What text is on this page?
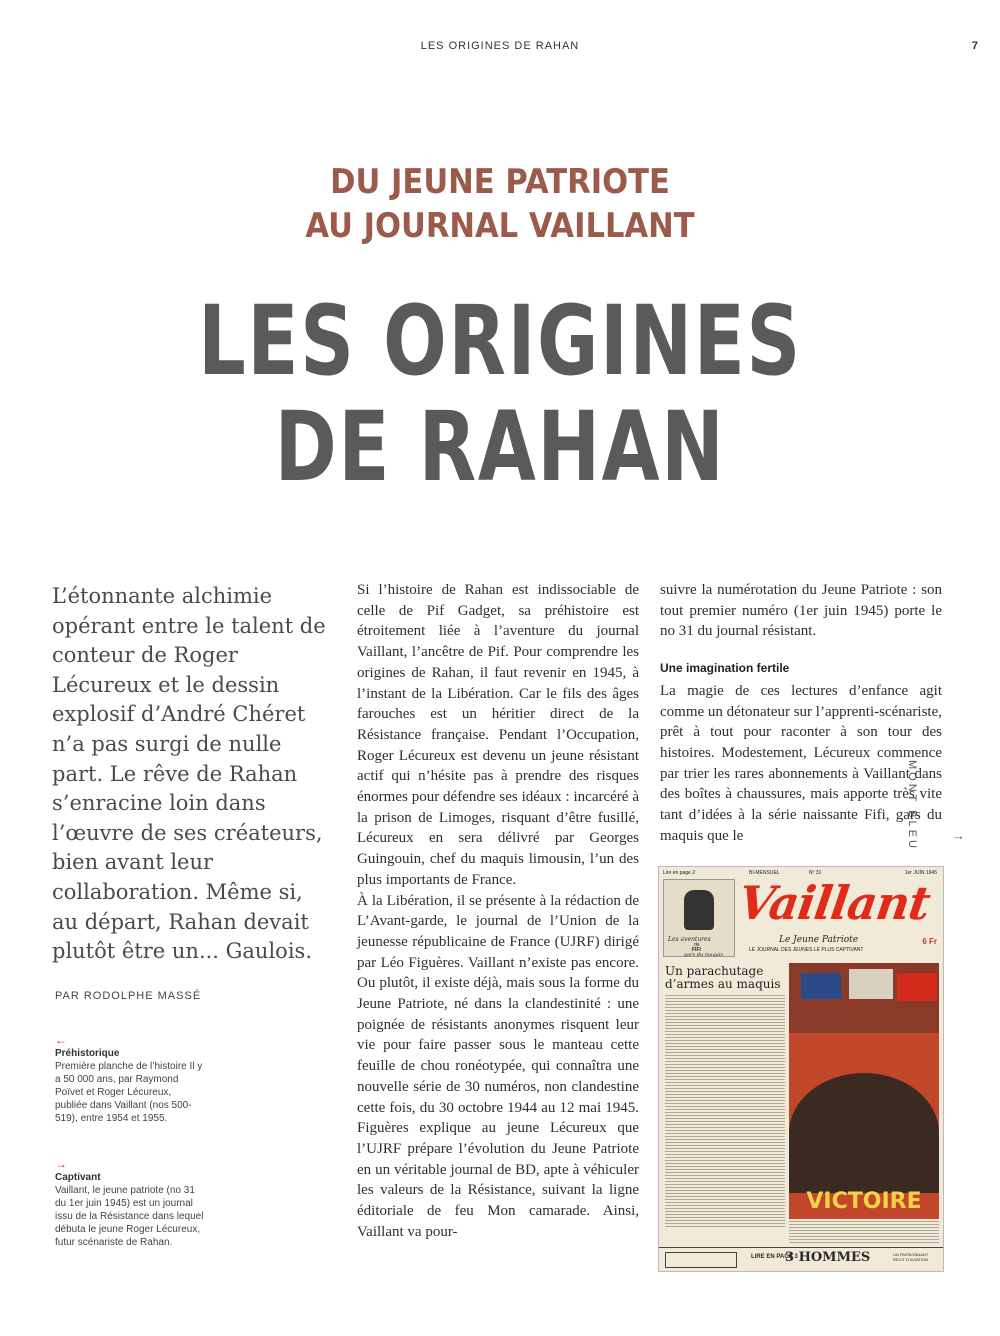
LES ORIGINES DE RAHAN	7
MONT BLEU
DU JEUNE PATRIOTE
AU JOURNAL VAILLANT
LES ORIGINES
DE RAHAN
L’étonnante alchimie opérant entre le talent de conteur de Roger Lécureux et le dessin explosif d’André Chéret n’a pas surgi de nulle part. Le rêve de Rahan s’enracine loin dans l’œuvre de ses créateurs, bien avant leur collaboration. Même si, au départ, Rahan devait plutôt être un... Gaulois.
PAR RODOLPHE MASSÉ
←
Préhistorique
Première planche de l’histoire Il y a 50 000 ans, par Raymond Poïvet et Roger Lécureux, publiée dans Vaillant (nos 500-519), entre 1954 et 1955.
→
Captivant
Vaillant, le jeune patriote (no 31 du 1er juin 1945) est un journal issu de la Résistance dans lequel débuta le jeune Roger Lécureux, futur scénariste de Rahan.

Si l’histoire de Rahan est indissociable de celle de Pif Gadget, sa préhistoire est étroitement liée à l’aventure du journal Vaillant, l’ancêtre de Pif. Pour comprendre les origines de Rahan, il faut revenir en 1945, à l’instant de la Libération. Car le fils des âges farouches est un héritier direct de la Résistance française. Pendant l’Occupation, Roger Lécureux est devenu un jeune résistant actif qui n’hésite pas à prendre des risques énormes pour défendre ses idéaux : incarcéré à la prison de Limoges, risquant d’être fusillé, Lécureux en sera délivré par Georges Guingouin, chef du maquis limousin, l’un des plus importants de France.

À la Libération, il se présente à la rédaction de L’Avant-garde, le journal de l’Union de la jeunesse républicaine de France (UJRF) dirigé par Léo Figuères. Vaillant n’existe pas encore. Ou plutôt, il existe déjà, mais sous la forme du Jeune Patriote, né dans la clandestinité : une poignée de résistants anonymes risquent leur vie pour faire passer sous le manteau cette feuille de chou ronéotypée, qui connaîtra une nouvelle série de 30 numéros, non clandestine cette fois, du 30 octobre 1944 au 12 mai 1945. Figuères explique au jeune Lécureux que l’UJRF prépare l’évolution du Jeune Patriote en un véritable journal de BD, apte à véhiculer les valeurs de la Résistance, suivant la ligne éditoriale de feu Mon camarade. Ainsi, Vaillant va pour-

suivre la numérotation du Jeune Patriote : son tout premier numéro (1er juin 1945) porte le no 31 du journal résistant.

Une imagination fertile

La magie de ces lectures d’enfance agit comme un détonateur sur l’apprenti-scénariste, prêt à tout pour raconter à son tour des histoires. Modestement, Lécureux commence par trier les rares abonnements à Vaillant dans des boîtes à chaussures, mais apporte très vite tant d’idées à la série naissante Fifi, gars du maquis que le	→
Lire en page 2	BI-MENSUEL	Nº 31	1er JUIN 1945
Les aventures
de
FIFI
gars du maquis
Vaillant
Le Jeune Patriote	6 Fr
LE JOURNAL DES JEUNES LE PLUS CAPTIVANT
Un parachutage d’armes au maquis
VICTOIRE
LIRE EN PAGE 3
3 HOMMES	UN PASSIONNANT RÉCIT D’AVIATION
